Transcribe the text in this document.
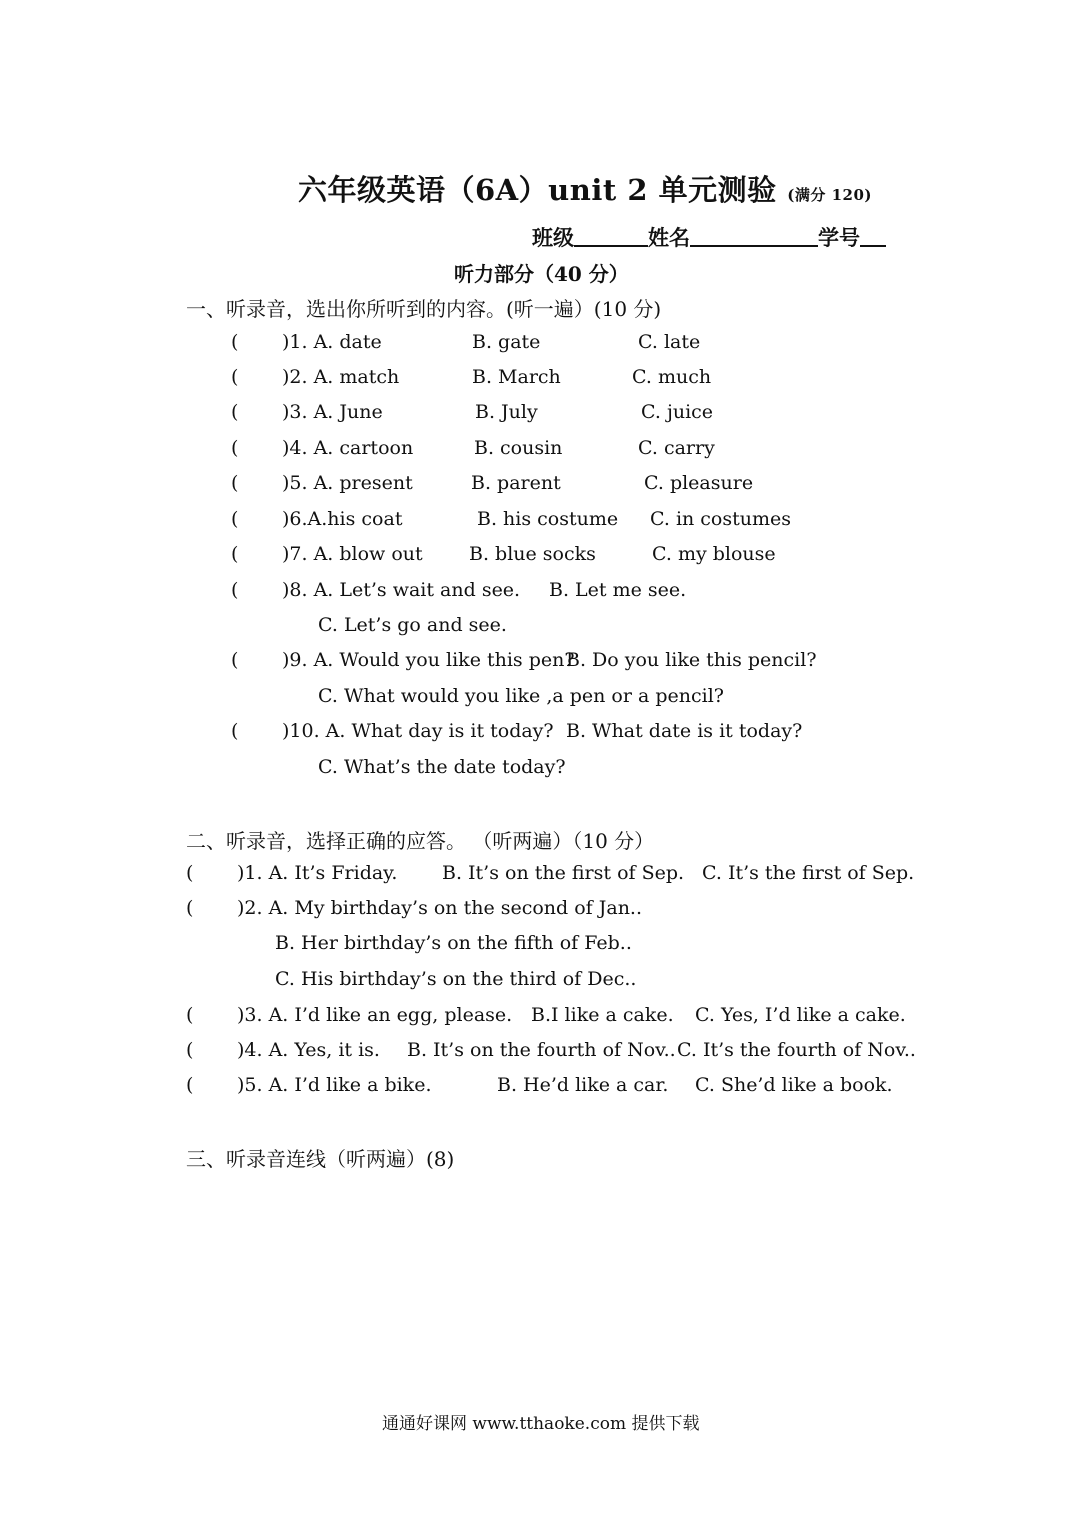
六年级英语（6A）unit 2 单元测验 (满分 120)
班级	姓名	学号
听力部分（40 分）
一、听录音，选出你所听到的内容。(听一遍）(10 分)
( )1. A. date	B. gate	C. late
( )2. A. match	B. March	C. much
( )3. A. June	B. July	C. juice
( )4. A. cartoon	B. cousin	C. carry
( )5. A. present	B. parent	C. pleasure
( )6.A.his coat	B. his costume C. in costumes
( )7. A. blow out B. blue socks	C. my blouse
( )8. A. Let’s wait and see. B. Let me see.
C. Let’s go and see.
( )9. A. Would you like this pen?
B. Do you like this pencil?
C. What would you like ,a pen or a pencil?
( )10. A. What day is it today? B. What date is it today?
C. What’s the date today?
二、听录音，选择正确的应答。 （听两遍）（10 分）
( )1. A. It’s Friday. B. It’s on the first of Sep. C. It’s the first of Sep.
( )2. A. My birthday’s on the second of Jan..
B. Her birthday’s on the fifth of Feb..
C. His birthday’s on the third of Dec..
( )3. A. I’d like an egg, please. B.I like a cake. C. Yes, I’d like a cake.
( )4. A. Yes, it is. B. It’s on the fourth of Nov.. C. It’s the fourth of Nov..
( )5. A. I’d like a bike.	B. He’d like a car. C. She’d like a book.
三、听录音连线（听两遍）(8)
通通好课网 www.tthaoke.com 提供下载
